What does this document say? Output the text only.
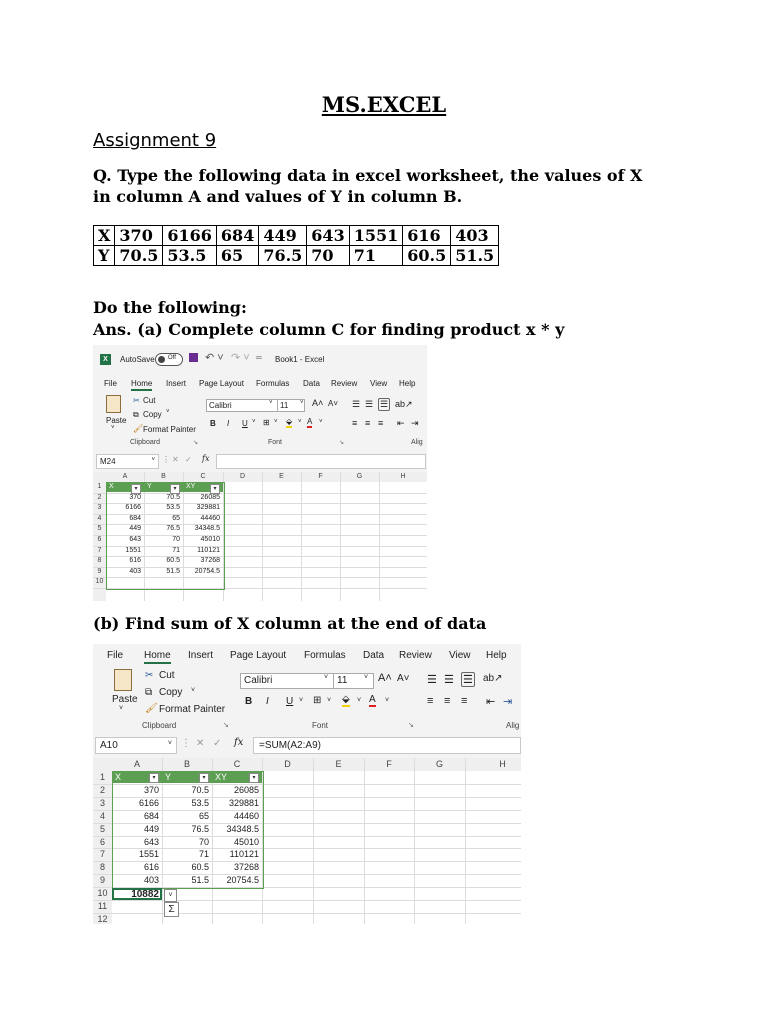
MS.EXCEL
Assignment 9
Q. Type the following data in excel worksheet, the values of X in column A and values of Y in column B.
X	370	6166	684	449	643	1551	616	403
Y	70.5	53.5	65	76.5	70	71	60.5	51.5
Do the following:
Ans. (a) Complete column C for finding product x * y
X	AutoSave Off	↶ ˅ ↷ ˅ ═ Book1 - Excel
File Home Insert Page Layout Formulas Data Review View Help
Paste
˅
✂ Cut
⧉ Copy ˅
🖌 Format Painter
Clipboard	↘
Calibri	˅ 11	˅ A˄ A˅
B I U ˅ ⊞ ˅ ⬙ ˅ A ˅
Font	↘
☰ ☰ ☰ ab↗
≡ ≡ ≡ ⇤ ⇥
Alig
M24	˅ ⋮ ✕ ✓ fx
A	B	C	D	E	F	G	H
1
2
3
4
5
6
7
8
9
10
X	▾	Y	▾	XY	▾
370	70.5	26085
6166	53.5	329881
684	65	44460
449	76.5	34348.5
643	70	45010
1551	71	110121
616	60.5	37268
403	51.5	20754.5
(b) Find sum of X column at the end of data
File Home Insert Page Layout Formulas Data Review View Help
Paste
˅
✂ Cut
⧉ Copy ˅
🖌 Format Painter
Clipboard	↘
Calibri	˅ 11	˅ A˄ A˅
B I U ˅ ⊞ ˅ ⬙ ˅ A ˅
Font	↘
☰ ☰ ☰ ab↗
≡ ≡ ≡ ⇤ ⇥
Alig
A10	˅ ⋮ ✕ ✓ fx =SUM(A2:A9)
A	B	C	D	E	F	G	H
1
2
3
4
5
6
7
8
9
10
11
12
X	▾	Y	▾	XY	▾
370	70.5	26085
6166	53.5	329881
684	65	44460
449	76.5	34348.5
643	70	45010
1551	71	110121
616	60.5	37268
403	51.5	20754.5
10882	˅
Σ
